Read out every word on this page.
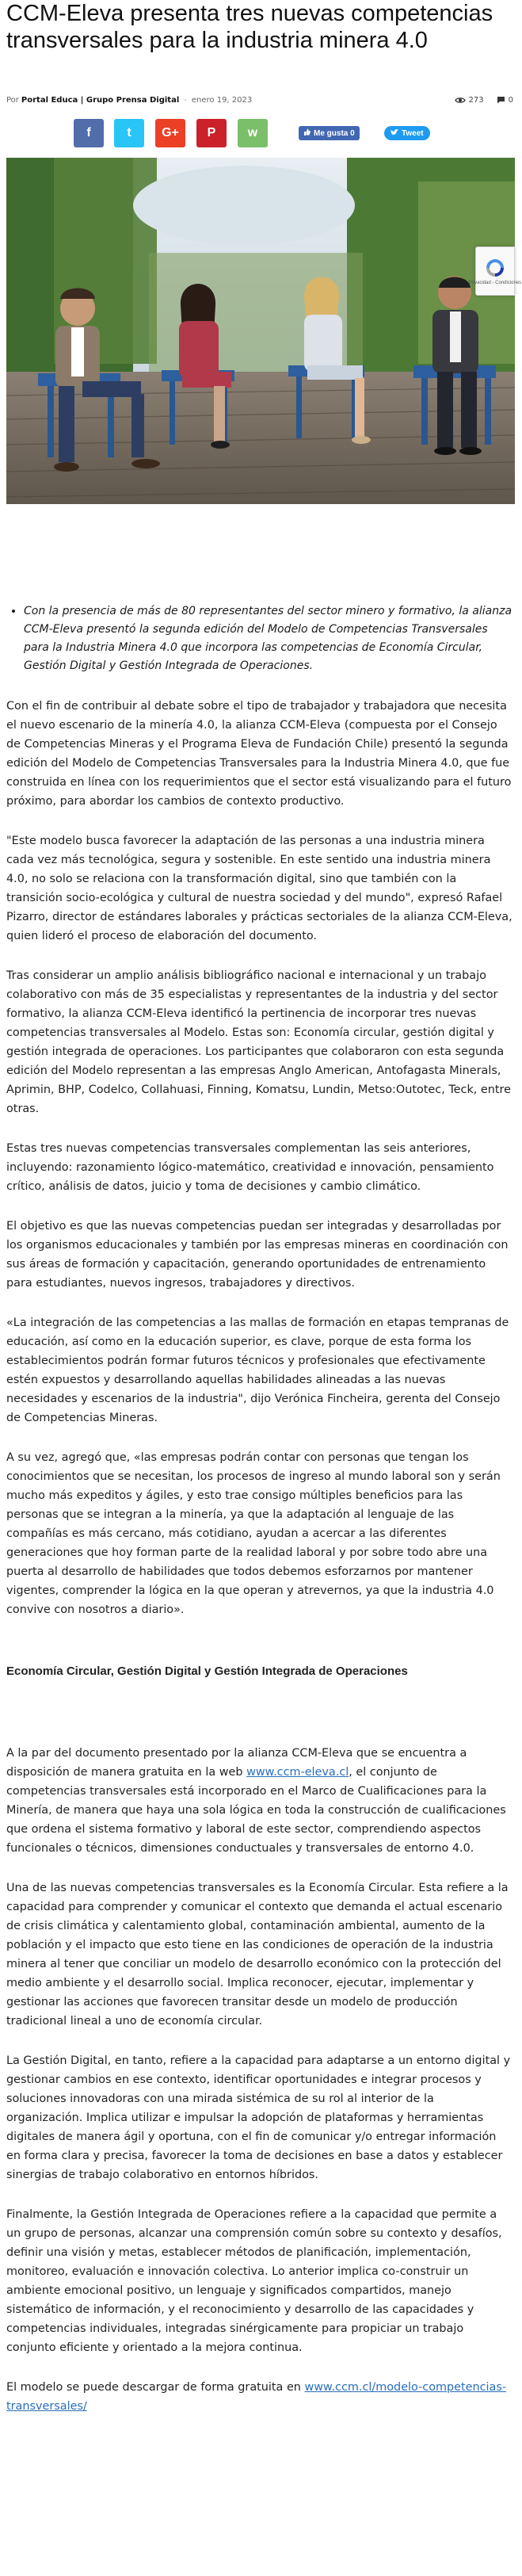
CCM-Eleva presenta tres nuevas competencias transversales para la industria minera 4.0
Por Portal Educa | Grupo Prensa Digital - enero 19, 2023	273	0
f	t G+ P	w	Me gusta 0	Tweet
Privacidad - Condiciones
• Con la presencia de más de 80 representantes del sector minero y formativo, la alianza CCM-Eleva presentó la segunda edición del Modelo de Competencias Transversales para la Industria Minera 4.0 que incorpora las competencias de Economía Circular, Gestión Digital y Gestión Integrada de Operaciones.

Con el fin de contribuir al debate sobre el tipo de trabajador y trabajadora que necesita el nuevo escenario de la minería 4.0, la alianza CCM-Eleva (compuesta por el Consejo de Competencias Mineras y el Programa Eleva de Fundación Chile) presentó la segunda edición del Modelo de Competencias Transversales para la Industria Minera 4.0, que fue construida en línea con los requerimientos que el sector está visualizando para el futuro próximo, para abordar los cambios de contexto productivo.

"Este modelo busca favorecer la adaptación de las personas a una industria minera cada vez más tecnológica, segura y sostenible. En este sentido una industria minera 4.0, no solo se relaciona con la transformación digital, sino que también con la transición socio-ecológica y cultural de nuestra sociedad y del mundo", expresó Rafael Pizarro, director de estándares laborales y prácticas sectoriales de la alianza CCM-Eleva, quien lideró el proceso de elaboración del documento.

Tras considerar un amplio análisis bibliográfico nacional e internacional y un trabajo colaborativo con más de 35 especialistas y representantes de la industria y del sector formativo, la alianza CCM-Eleva identificó la pertinencia de incorporar tres nuevas competencias transversales al Modelo. Estas son: Economía circular, gestión digital y gestión integrada de operaciones. Los participantes que colaboraron con esta segunda edición del Modelo representan a las empresas Anglo American, Antofagasta Minerals, Aprimin, BHP, Codelco, Collahuasi, Finning, Komatsu, Lundin, Metso:Outotec, Teck, entre otras.

Estas tres nuevas competencias transversales complementan las seis anteriores, incluyendo: razonamiento lógico-matemático, creatividad e innovación, pensamiento crítico, análisis de datos, juicio y toma de decisiones y cambio climático.

El objetivo es que las nuevas competencias puedan ser integradas y desarrolladas por los organismos educacionales y también por las empresas mineras en coordinación con sus áreas de formación y capacitación, generando oportunidades de entrenamiento para estudiantes, nuevos ingresos, trabajadores y directivos.

«La integración de las competencias a las mallas de formación en etapas tempranas de educación, así como en la educación superior, es clave, porque de esta forma los establecimientos podrán formar futuros técnicos y profesionales que efectivamente estén expuestos y desarrollando aquellas habilidades alineadas a las nuevas necesidades y escenarios de la industria", dijo Verónica Fincheira, gerenta del Consejo de Competencias Mineras.

A su vez, agregó que, «las empresas podrán contar con personas que tengan los conocimientos que se necesitan, los procesos de ingreso al mundo laboral son y serán mucho más expeditos y ágiles, y esto trae consigo múltiples beneficios para las personas que se integran a la minería, ya que la adaptación al lenguaje de las compañías es más cercano, más cotidiano, ayudan a acercar a las diferentes generaciones que hoy forman parte de la realidad laboral y por sobre todo abre una puerta al desarrollo de habilidades que todos debemos esforzarnos por mantener vigentes, comprender la lógica en la que operan y atrevernos, ya que la industria 4.0 convive con nosotros a diario».

Economía Circular, Gestión Digital y Gestión Integrada de Operaciones

A la par del documento presentado por la alianza CCM-Eleva que se encuentra a disposición de manera gratuita en la web www.ccm-eleva.cl, el conjunto de competencias transversales está incorporado en el Marco de Cualificaciones para la Minería, de manera que haya una sola lógica en toda la construcción de cualificaciones que ordena el sistema formativo y laboral de este sector, comprendiendo aspectos funcionales o técnicos, dimensiones conductuales y transversales de entorno 4.0.

Una de las nuevas competencias transversales es la Economía Circular. Esta refiere a la capacidad para comprender y comunicar el contexto que demanda el actual escenario de crisis climática y calentamiento global, contaminación ambiental, aumento de la población y el impacto que esto tiene en las condiciones de operación de la industria minera al tener que conciliar un modelo de desarrollo económico con la protección del medio ambiente y el desarrollo social. Implica reconocer, ejecutar, implementar y gestionar las acciones que favorecen transitar desde un modelo de producción tradicional lineal a uno de economía circular.

La Gestión Digital, en tanto, refiere a la capacidad para adaptarse a un entorno digital y gestionar cambios en ese contexto, identificar oportunidades e integrar procesos y soluciones innovadoras con una mirada sistémica de su rol al interior de la organización. Implica utilizar e impulsar la adopción de plataformas y herramientas digitales de manera ágil y oportuna, con el fin de comunicar y/o entregar información en forma clara y precisa, favorecer la toma de decisiones en base a datos y establecer sinergias de trabajo colaborativo en entornos híbridos.

Finalmente, la Gestión Integrada de Operaciones refiere a la capacidad que permite a un grupo de personas, alcanzar una comprensión común sobre su contexto y desafíos, definir una visión y metas, establecer métodos de planificación, implementación, monitoreo, evaluación e innovación colectiva. Lo anterior implica co-construir un ambiente emocional positivo, un lenguaje y significados compartidos, manejo sistemático de información, y el reconocimiento y desarrollo de las capacidades y competencias individuales, integradas sinérgicamente para propiciar un trabajo conjunto eficiente y orientado a la mejora continua.

El modelo se puede descargar de forma gratuita en www.ccm.cl/modelo-competencias-transversales/
